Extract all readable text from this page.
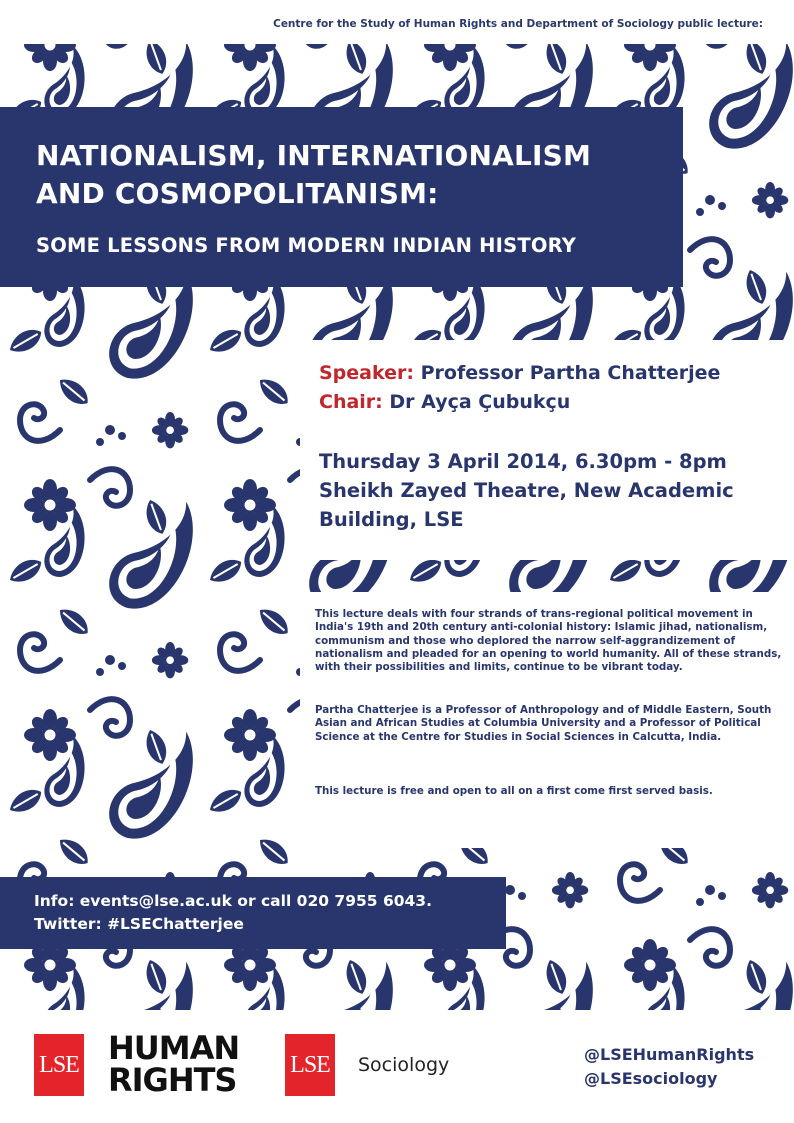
Centre for the Study of Human Rights and Department of Sociology public lecture:
NATIONALISM, INTERNATIONALISM
AND COSMOPOLITANISM:
SOME LESSONS FROM MODERN INDIAN HISTORY
Speaker: Professor Partha Chatterjee
Chair: Dr Ayça Çubukçu
Thursday 3 April 2014, 6.30pm - 8pm
Sheikh Zayed Theatre, New Academic
Building, LSE
This lecture deals with four strands of trans-regional political movement in India's 19th and 20th century anti-colonial history: Islamic jihad, nationalism, communism and those who deplored the narrow self-aggrandizement of nationalism and pleaded for an opening to world humanity. All of these strands, with their possibilities and limits, continue to be vibrant today.
Partha Chatterjee is a Professor of Anthropology and of Middle Eastern, South Asian and African Studies at Columbia University and a Professor of Political Science at the Centre for Studies in Social Sciences in Calcutta, India.
This lecture is free and open to all on a first come first served basis.
Info: events@lse.ac.uk or call 020 7955 6043.
Twitter: #LSEChatterjee
LSE HUMAN
RIGHTS	LSE Sociology	@LSEHumanRights
@LSEsociology
